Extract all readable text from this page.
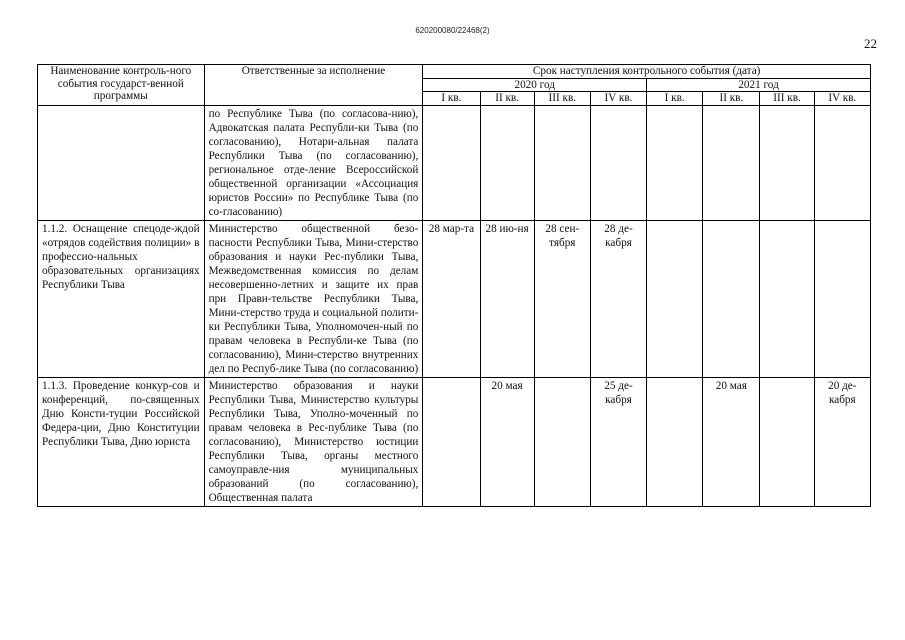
620200080/22468(2)
22
Наименование контроль-ного события государст-венной программы	Ответственные за исполнение	Срок наступления контрольного события (дата)							
		2020 год				2021 год			
		I кв.	II кв.	III кв.	IV кв.	I кв.	II кв.	III кв.	IV кв.
	по Республике Тыва (по согласова-нию), Адвокатская палата Республи-ки Тыва (по согласованию), Нотари-альная палата Республики Тыва (по согласованию), региональное отде-ление Всероссийской общественной организации «Ассоциация юристов России» по Республике Тыва (по со-гласованию)								
1.1.2. Оснащение спецоде-ждой «отрядов содействия полиции» в профессио-нальных образовательных организациях Республики Тыва	Министерство общественной безо-пасности Республики Тыва, Мини-стерство образования и науки Рес-публики Тыва, Межведомственная комиссия по делам несовершенно-летних и защите их прав при Прави-тельстве Республики Тыва, Мини-стерство труда и социальной полити-ки Республики Тыва, Уполномочен-ный по правам человека в Республи-ке Тыва (по согласованию), Мини-стерство внутренних дел по Респуб-лике Тыва (по согласованию)	28 мар-та	28 ию-ня	28 сен-тября	28 де-кабря				
1.1.3. Проведение конкур-сов и конференций, по-священных Дню Консти-туции Российской Федера-ции, Дню Конституции Республики Тыва, Дню юриста	Министерство образования и науки Республики Тыва, Министерство культуры Республики Тыва, Уполно-моченный по правам человека в Рес-публике Тыва (по согласованию), Министерство юстиции Республики Тыва, органы местного самоуправле-ния муниципальных образований (по согласованию), Общественная палата		20 мая		25 де-кабря		20 мая		20 де-кабря
